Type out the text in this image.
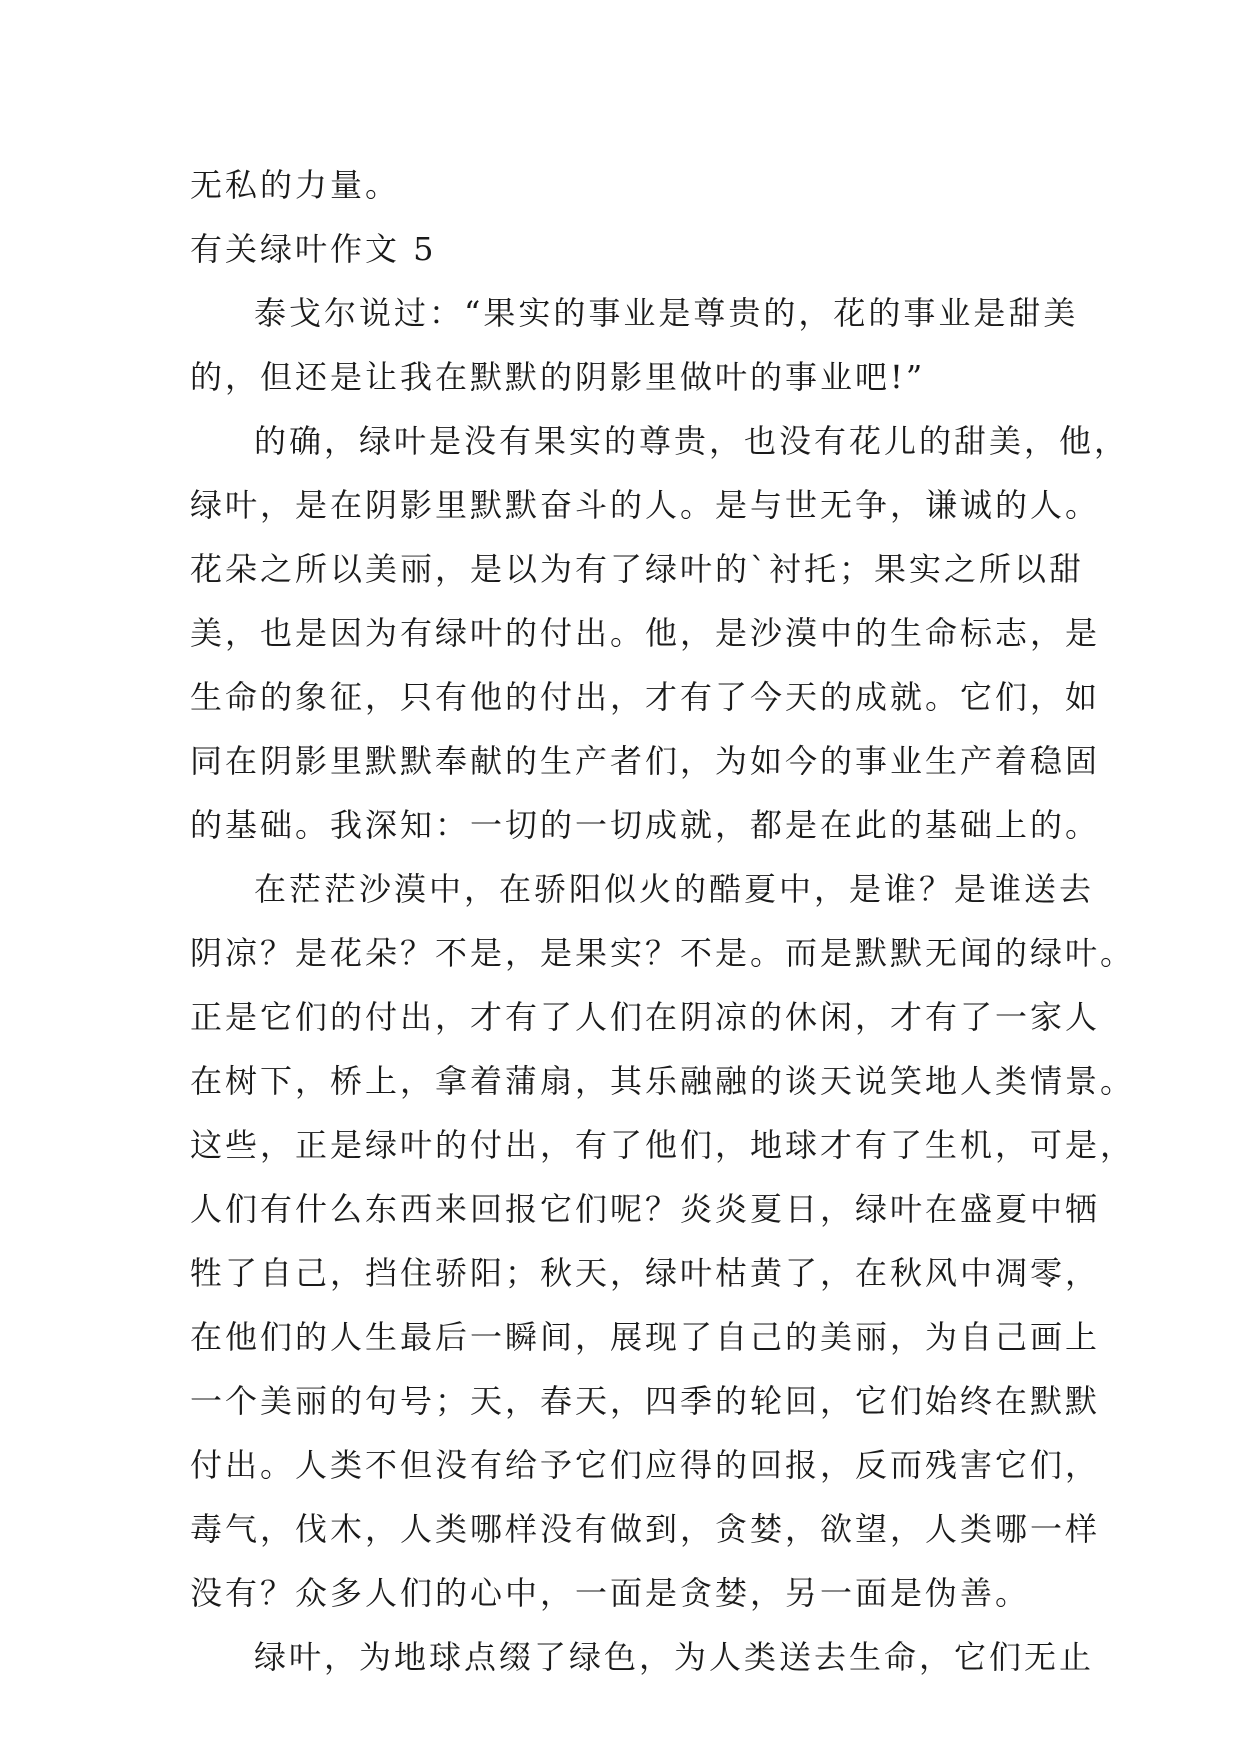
无私的力量。
有关绿叶作文 5
泰戈尔说过：“果实的事业是尊贵的，花的事业是甜美
的，但还是让我在默默的阴影里做叶的事业吧!”
的确，绿叶是没有果实的尊贵，也没有花儿的甜美，他，
绿叶，是在阴影里默默奋斗的人。是与世无争，谦诚的人。
花朵之所以美丽，是以为有了绿叶的`衬托；果实之所以甜
美，也是因为有绿叶的付出。他，是沙漠中的生命标志，是
生命的象征，只有他的付出，才有了今天的成就。它们，如
同在阴影里默默奉献的生产者们，为如今的事业生产着稳固
的基础。我深知：一切的一切成就，都是在此的基础上的。
在茫茫沙漠中，在骄阳似火的酷夏中，是谁？是谁送去
阴凉？是花朵？不是，是果实？不是。而是默默无闻的绿叶。
正是它们的付出，才有了人们在阴凉的休闲，才有了一家人
在树下，桥上，拿着蒲扇，其乐融融的谈天说笑地人类情景。
这些，正是绿叶的付出，有了他们，地球才有了生机，可是，
人们有什么东西来回报它们呢？炎炎夏日，绿叶在盛夏中牺
牲了自己，挡住骄阳；秋天，绿叶枯黄了，在秋风中凋零，
在他们的人生最后一瞬间，展现了自己的美丽，为自己画上
一个美丽的句号；天，春天，四季的轮回，它们始终在默默
付出。人类不但没有给予它们应得的回报，反而残害它们，
毒气，伐木，人类哪样没有做到，贪婪，欲望，人类哪一样
没有？众多人们的心中，一面是贪婪，另一面是伪善。
绿叶，为地球点缀了绿色，为人类送去生命，它们无止
